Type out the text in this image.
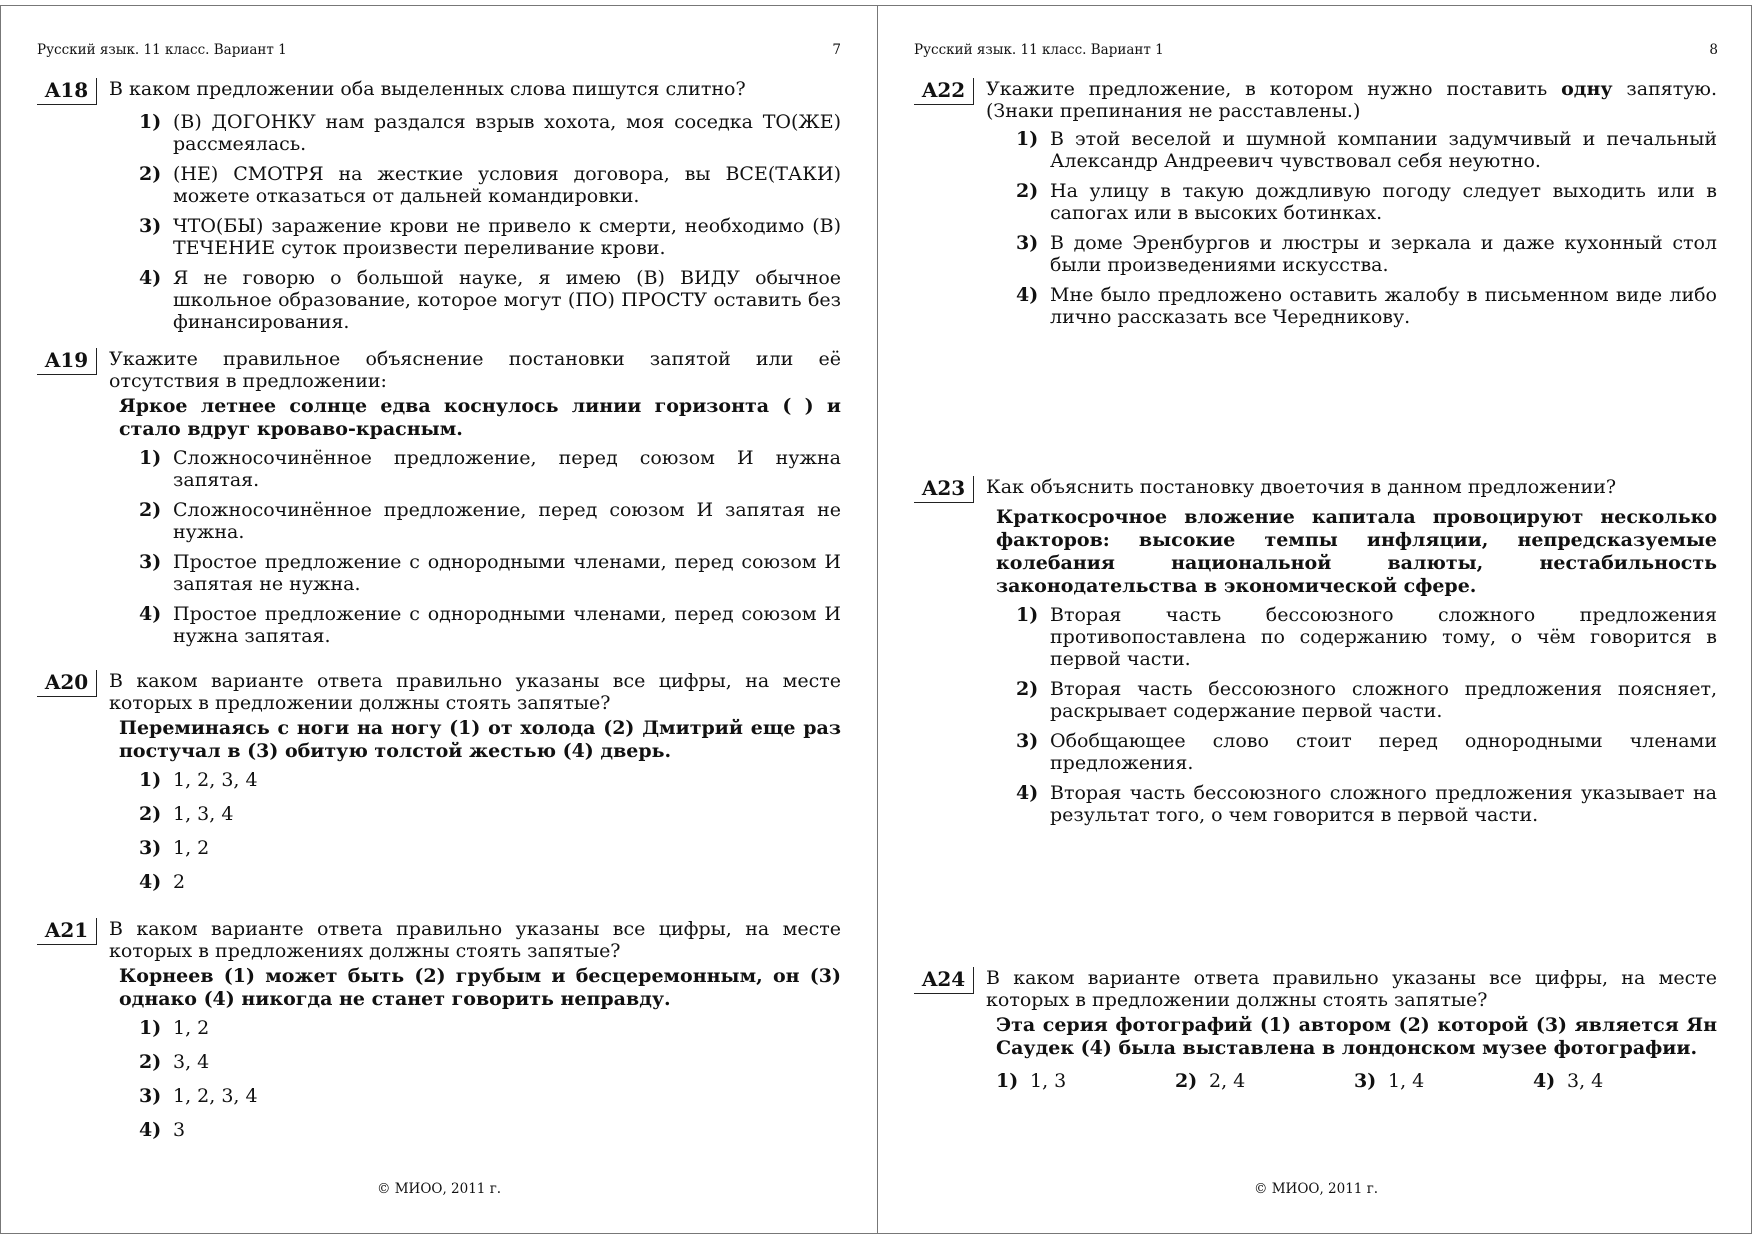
Русский язык. 11 класс. Вариант 1	7
A18	В каком предложении оба выделенных слова пишутся слитно?
1) (В) ДОГОНКУ нам раздался взрыв хохота, моя соседка ТО(ЖЕ) рассмеялась.
2) (НЕ) СМОТРЯ на жесткие условия договора, вы ВСЕ(ТАКИ) можете отказаться от дальней командировки.
3) ЧТО(БЫ) заражение крови не привело к смерти, необходимо (В) ТЕЧЕНИЕ суток произвести переливание крови.
4) Я не говорю о большой науке, я имею (В) ВИДУ обычное школьное образование, которое могут (ПО) ПРОСТУ оставить без финансирования.
A19	Укажите правильное объяснение постановки запятой или её отсутствия в предложении:
Яркое летнее солнце едва коснулось линии горизонта ( ) и стало вдруг кроваво-красным.
1) Сложносочинённое предложение, перед союзом И нужна запятая.
2) Сложносочинённое предложение, перед союзом И запятая не нужна.
3) Простое предложение с однородными членами, перед союзом И запятая не нужна.
4) Простое предложение с однородными членами, перед союзом И нужна запятая.
A20	В каком варианте ответа правильно указаны все цифры, на месте которых в предложении должны стоять запятые?
Переминаясь с ноги на ногу (1) от холода (2) Дмитрий еще раз постучал в (3) обитую толстой жестью (4) дверь.
1) 1, 2, 3, 4
2) 1, 3, 4
3) 1, 2
4) 2
A21	В каком варианте ответа правильно указаны все цифры, на месте которых в предложениях должны стоять запятые?
Корнеев (1) может быть (2) грубым и бесцеремонным, он (3) однако (4) никогда не станет говорить неправду.
1) 1, 2
2) 3, 4
3) 1, 2, 3, 4
4) 3
© МИОО, 2011 г.
Русский язык. 11 класс. Вариант 1	8
A22	Укажите предложение, в котором нужно поставить одну запятую. (Знаки препинания не расставлены.)
1) В этой веселой и шумной компании задумчивый и печальный Александр Андреевич чувствовал себя неуютно.
2) На улицу в такую дождливую погоду следует выходить или в сапогах или в высоких ботинках.
3) В доме Эренбургов и люстры и зеркала и даже кухонный стол были произведениями искусства.
4) Мне было предложено оставить жалобу в письменном виде либо лично рассказать все Чередникову.
A23	Как объяснить постановку двоеточия в данном предложении?
Краткосрочное вложение капитала провоцируют несколько факторов: высокие темпы инфляции, непредсказуемые колебания национальной валюты, нестабильность законодательства в экономической сфере.
1) Вторая часть бессоюзного сложного предложения противопоставлена по содержанию тому, о чём говорится в первой части.
2) Вторая часть бессоюзного сложного предложения поясняет, раскрывает содержание первой части.
3) Обобщающее слово стоит перед однородными членами предложения.
4) Вторая часть бессоюзного сложного предложения указывает на результат того, о чем говорится в первой части.
A24	В каком варианте ответа правильно указаны все цифры, на месте которых в предложении должны стоять запятые?
Эта серия фотографий (1) автором (2) которой (3) является Ян Саудек (4) была выставлена в лондонском музее фотографии.
1) 1, 3	2) 2, 4	3) 1, 4	4) 3, 4
© МИОО, 2011 г.
